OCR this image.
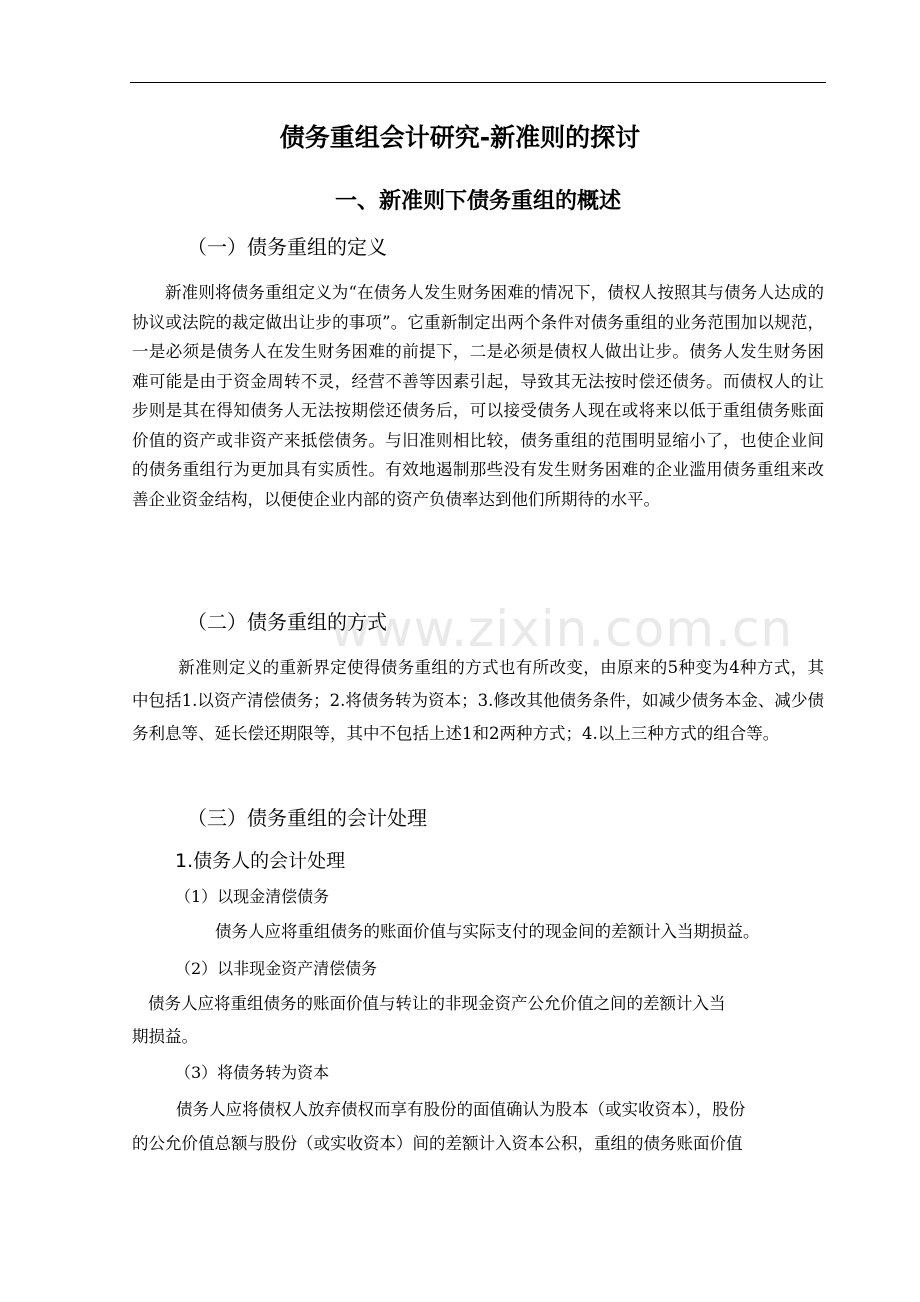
www.zixin.com.cn
债务重组会计研究-新准则的探讨
一、新准则下债务重组的概述
（一）债务重组的定义

新准则将债务重组定义为“在债务人发生财务困难的情况下，债权人按照其与债务人达成的协议或法院的裁定做出让步的事项”。它重新制定出两个条件对债务重组的业务范围加以规范，一是必须是债务人在发生财务困难的前提下，二是必须是债权人做出让步。债务人发生财务困难可能是由于资金周转不灵，经营不善等因素引起，导致其无法按时偿还债务。而债权人的让步则是其在得知债务人无法按期偿还债务后，可以接受债务人现在或将来以低于重组债务账面价值的资产或非资产来抵偿债务。与旧准则相比较，债务重组的范围明显缩小了，也使企业间的债务重组行为更加具有实质性。有效地遏制那些没有发生财务困难的企业滥用债务重组来改善企业资金结构，以便使企业内部的资产负债率达到他们所期待的水平。

（二）债务重组的方式

新准则定义的重新界定使得债务重组的方式也有所改变，由原来的5种变为4种方式，其中包括1.以资产清偿债务；2.将债务转为资本；3.修改其他债务条件，如减少债务本金、减少债务利息等、延长偿还期限等，其中不包括上述1和2两种方式；4.以上三种方式的组合等。

（三）债务重组的会计处理
1.债务人的会计处理
（1）以现金清偿债务
债务人应将重组债务的账面价值与实际支付的现金间的差额计入当期损益。
（2）以非现金资产清偿债务
债务人应将重组债务的账面价值与转让的非现金资产公允价值之间的差额计入当
期损益。
（3）将债务转为资本
债务人应将债权人放弃债权而享有股份的面值确认为股本（或实收资本），股份
的公允价值总额与股份（或实收资本）间的差额计入资本公积，重组的债务账面价值
